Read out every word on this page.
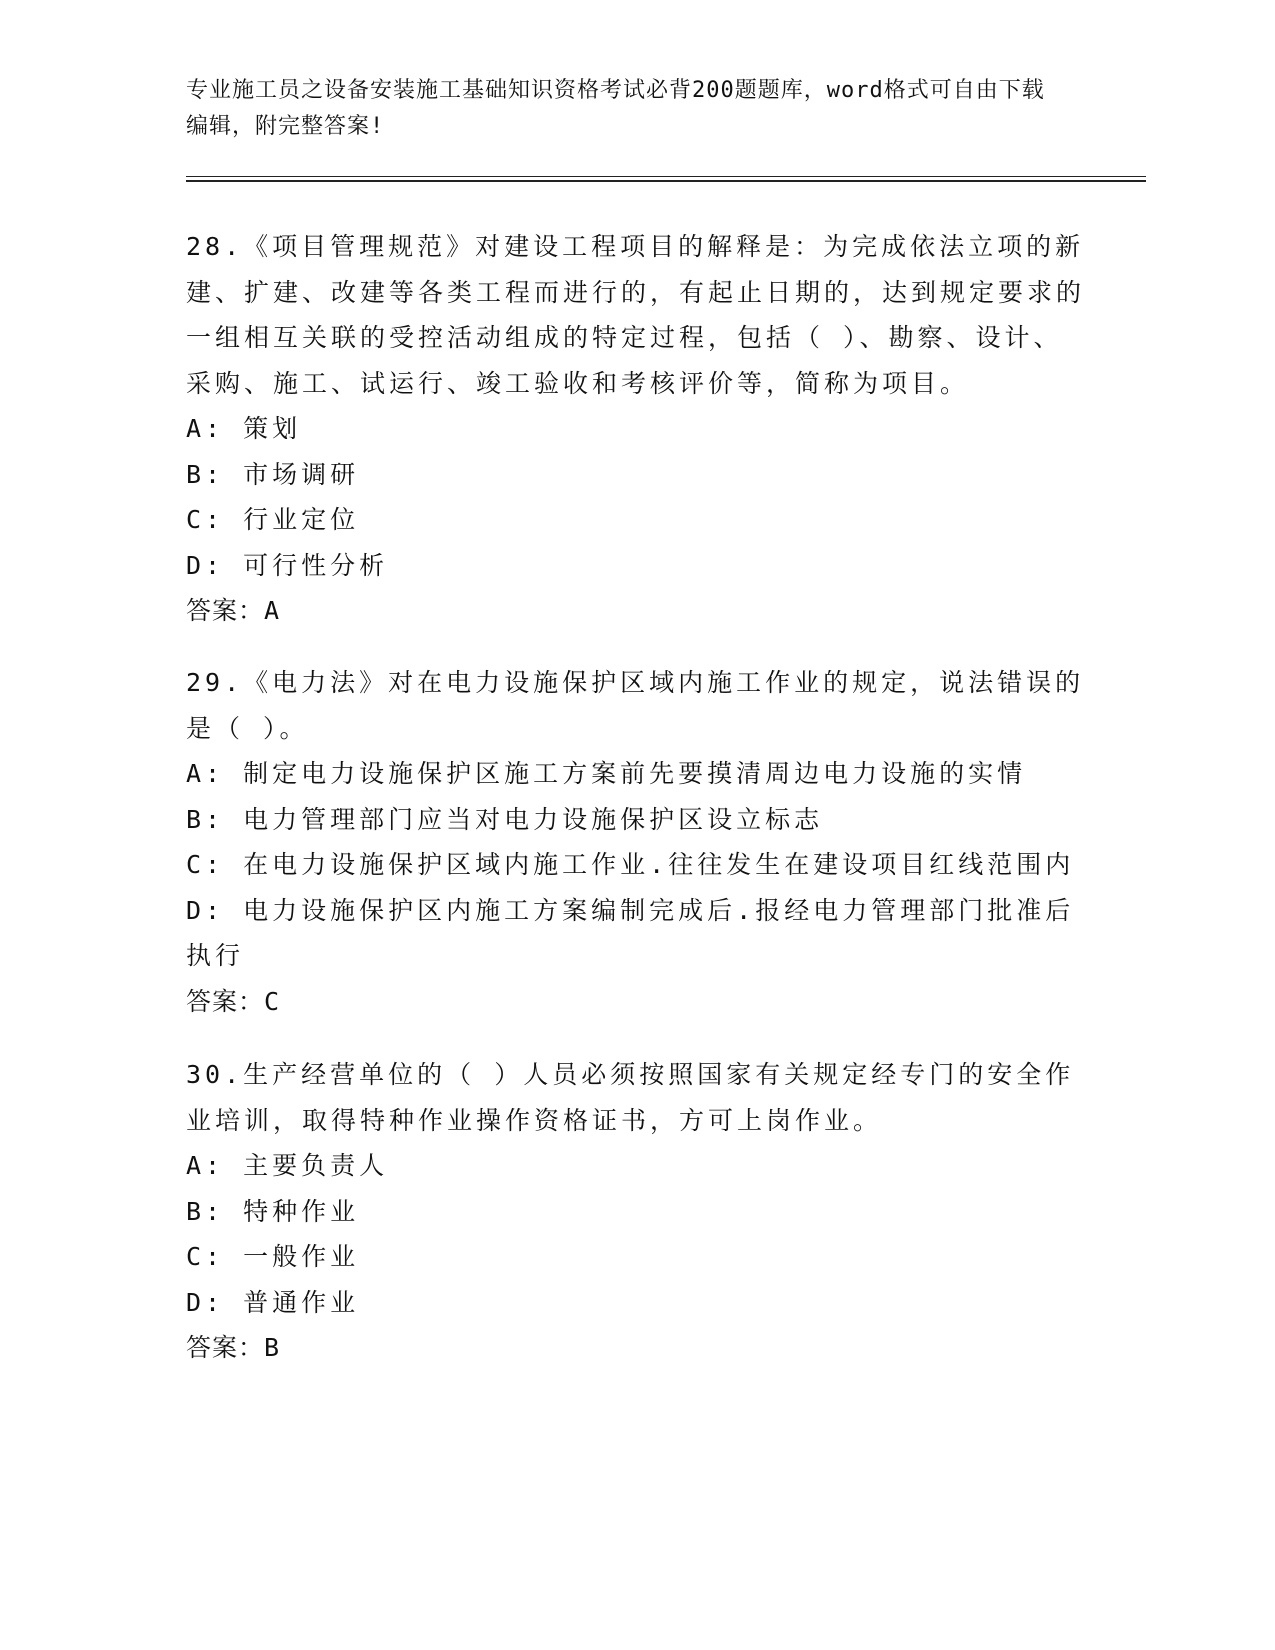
专业施工员之设备安装施工基础知识资格考试必背200题题库，word格式可自由下载编辑，附完整答案!

28.《项目管理规范》对建设工程项目的解释是：为完成依法立项的新建、扩建、改建等各类工程而进行的，有起止日期的，达到规定要求的一组相互关联的受控活动组成的特定过程，包括（ ）、勘察、设计、采购、施工、试运行、竣工验收和考核评价等，简称为项目。

A: 策划

B: 市场调研

C: 行业定位

D: 可行性分析

答案：A

29.《电力法》对在电力设施保护区域内施工作业的规定，说法错误的是（ ）。

A: 制定电力设施保护区施工方案前先要摸清周边电力设施的实情

B: 电力管理部门应当对电力设施保护区设立标志

C: 在电力设施保护区域内施工作业.往往发生在建设项目红线范围内

D: 电力设施保护区内施工方案编制完成后.报经电力管理部门批准后执行

答案：C

30.生产经营单位的（ ）人员必须按照国家有关规定经专门的安全作业培训，取得特种作业操作资格证书，方可上岗作业。

A: 主要负责人

B: 特种作业

C: 一般作业

D: 普通作业

答案：B
